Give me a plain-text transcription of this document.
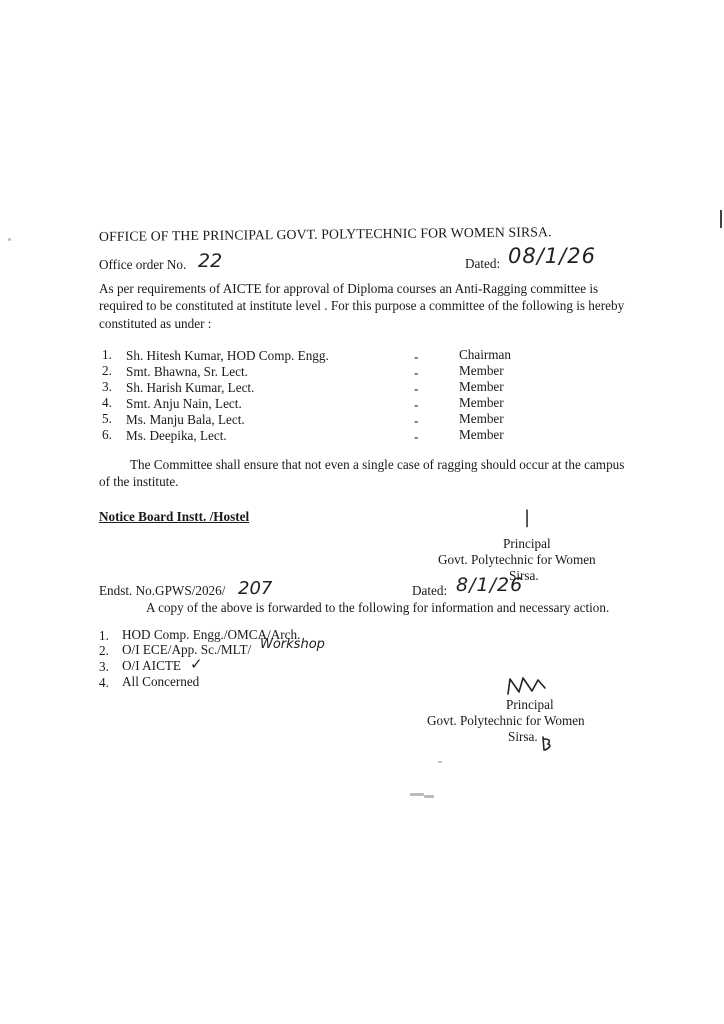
OFFICE OF THE PRINCIPAL GOVT. POLYTECHNIC FOR WOMEN SIRSA.
Office order No. 22	Dated: 08/1/26
As per requirements of AICTE for approval of Diploma courses an Anti-Ragging committee is
required to be constituted at institute level . For this purpose a committee of the following is hereby
constituted as under :
1. Sh. Hitesh Kumar, HOD Comp. Engg.	-	Chairman
2. Smt. Bhawna, Sr. Lect.	-	Member
3. Sh. Harish Kumar, Lect.	-	Member
4. Smt. Anju Nain, Lect.	-	Member
5. Ms. Manju Bala, Lect.	-	Member
6. Ms. Deepika, Lect.	-	Member
The Committee shall ensure that not even a single case of ragging should occur at the campus
of the institute.
Notice Board Instt. /Hostel	|
Principal
Govt. Polytechnic for Women
Sirsa.
Endst. No.GPWS/2026/ 207	Dated: 8/1/26
A copy of the above is forwarded to the following for information and necessary action.
1. HOD Comp. Engg./OMCA/Arch.
2. O/I ECE/App. Sc./MLT/ Workshop
3. O/I AICTE ✓
4. All Concerned
Principal
Govt. Polytechnic for Women
Sirsa.
